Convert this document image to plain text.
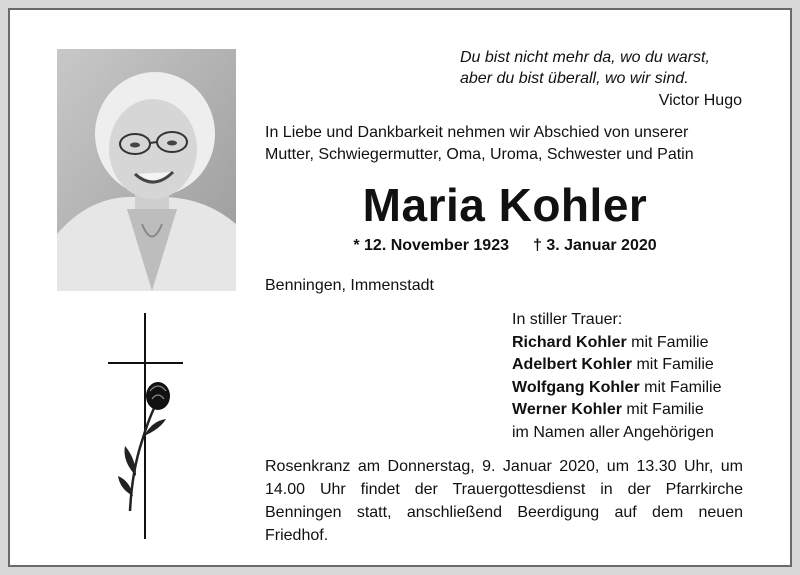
Du bist nicht mehr da, wo du warst,
aber du bist überall, wo wir sind.
Victor Hugo
In Liebe und Dankbarkeit nehmen wir Abschied von unserer
Mutter, Schwiegermutter, Oma, Uroma, Schwester und Patin
Maria Kohler
* 12. November 1923 † 3. Januar 2020
Benningen, Immenstadt
In stiller Trauer:
Richard Kohler mit Familie
Adelbert Kohler mit Familie
Wolfgang Kohler mit Familie
Werner Kohler mit Familie
im Namen aller Angehörigen
Rosenkranz am Donnerstag, 9. Januar 2020, um 13.30 Uhr, um 14.00 Uhr findet der Trauergottesdienst in der Pfarrkirche Benningen statt, anschließend Beerdigung auf dem neuen Friedhof.
